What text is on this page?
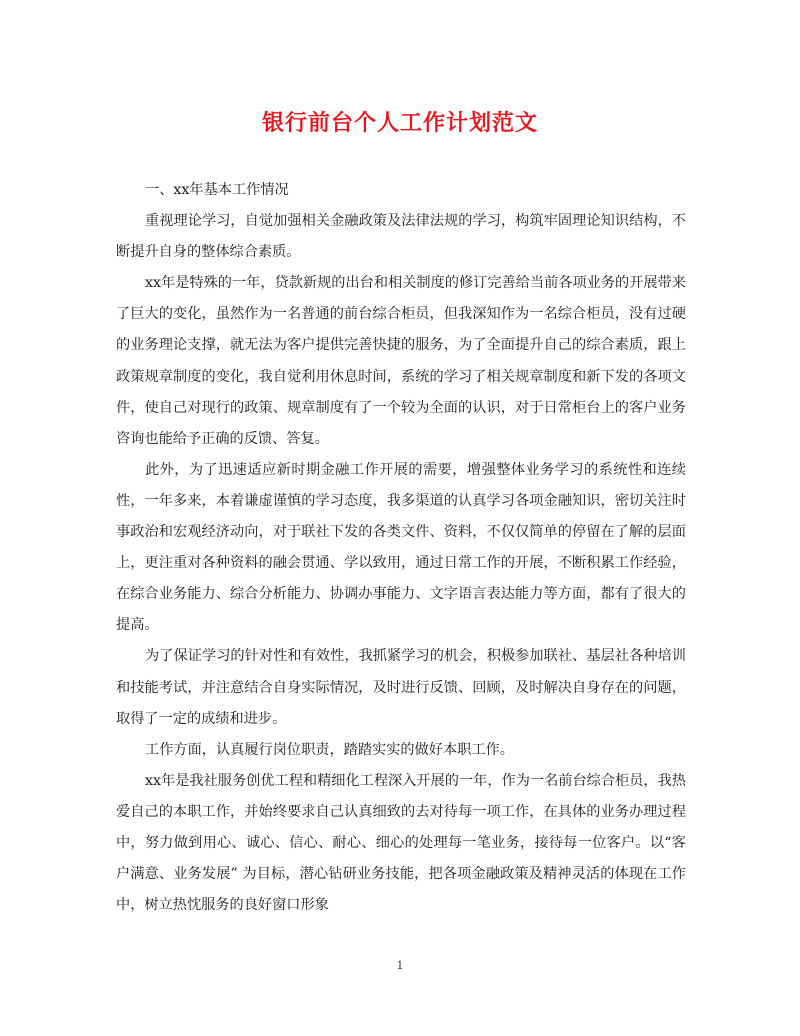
银行前台个人工作计划范文

一、xx年基本工作情况

重视理论学习，自觉加强相关金融政策及法律法规的学习，构筑牢固理论知识结构，不断提升自身的整体综合素质。

xx年是特殊的一年，贷款新规的出台和相关制度的修订完善给当前各项业务的开展带来了巨大的变化，虽然作为一名普通的前台综合柜员，但我深知作为一名综合柜员，没有过硬的业务理论支撑，就无法为客户提供完善快捷的服务，为了全面提升自己的综合素质，跟上政策规章制度的变化，我自觉利用休息时间，系统的学习了相关规章制度和新下发的各项文件，使自己对现行的政策、规章制度有了一个较为全面的认识，对于日常柜台上的客户业务咨询也能给予正确的反馈、答复。

此外，为了迅速适应新时期金融工作开展的需要，增强整体业务学习的系统性和连续性，一年多来，本着谦虚谨慎的学习态度，我多渠道的认真学习各项金融知识，密切关注时事政治和宏观经济动向，对于联社下发的各类文件、资料，不仅仅简单的停留在了解的层面上，更注重对各种资料的融会贯通、学以致用，通过日常工作的开展，不断积累工作经验，在综合业务能力、综合分析能力、协调办事能力、文字语言表达能力等方面，都有了很大的提高。

为了保证学习的针对性和有效性，我抓紧学习的机会，积极参加联社、基层社各种培训和技能考试，并注意结合自身实际情况，及时进行反馈、回顾，及时解决自身存在的问题，取得了一定的成绩和进步。

工作方面，认真履行岗位职责，踏踏实实的做好本职工作。

xx年是我社服务创优工程和精细化工程深入开展的一年，作为一名前台综合柜员，我热爱自己的本职工作，并始终要求自己认真细致的去对待每一项工作，在具体的业务办理过程中，努力做到用心、诚心、信心、耐心、细心的处理每一笔业务，接待每一位客户。以“客户满意、业务发展” 为目标，潜心钻研业务技能，把各项金融政策及精神灵活的体现在工作中，树立热忱服务的良好窗口形象

1
